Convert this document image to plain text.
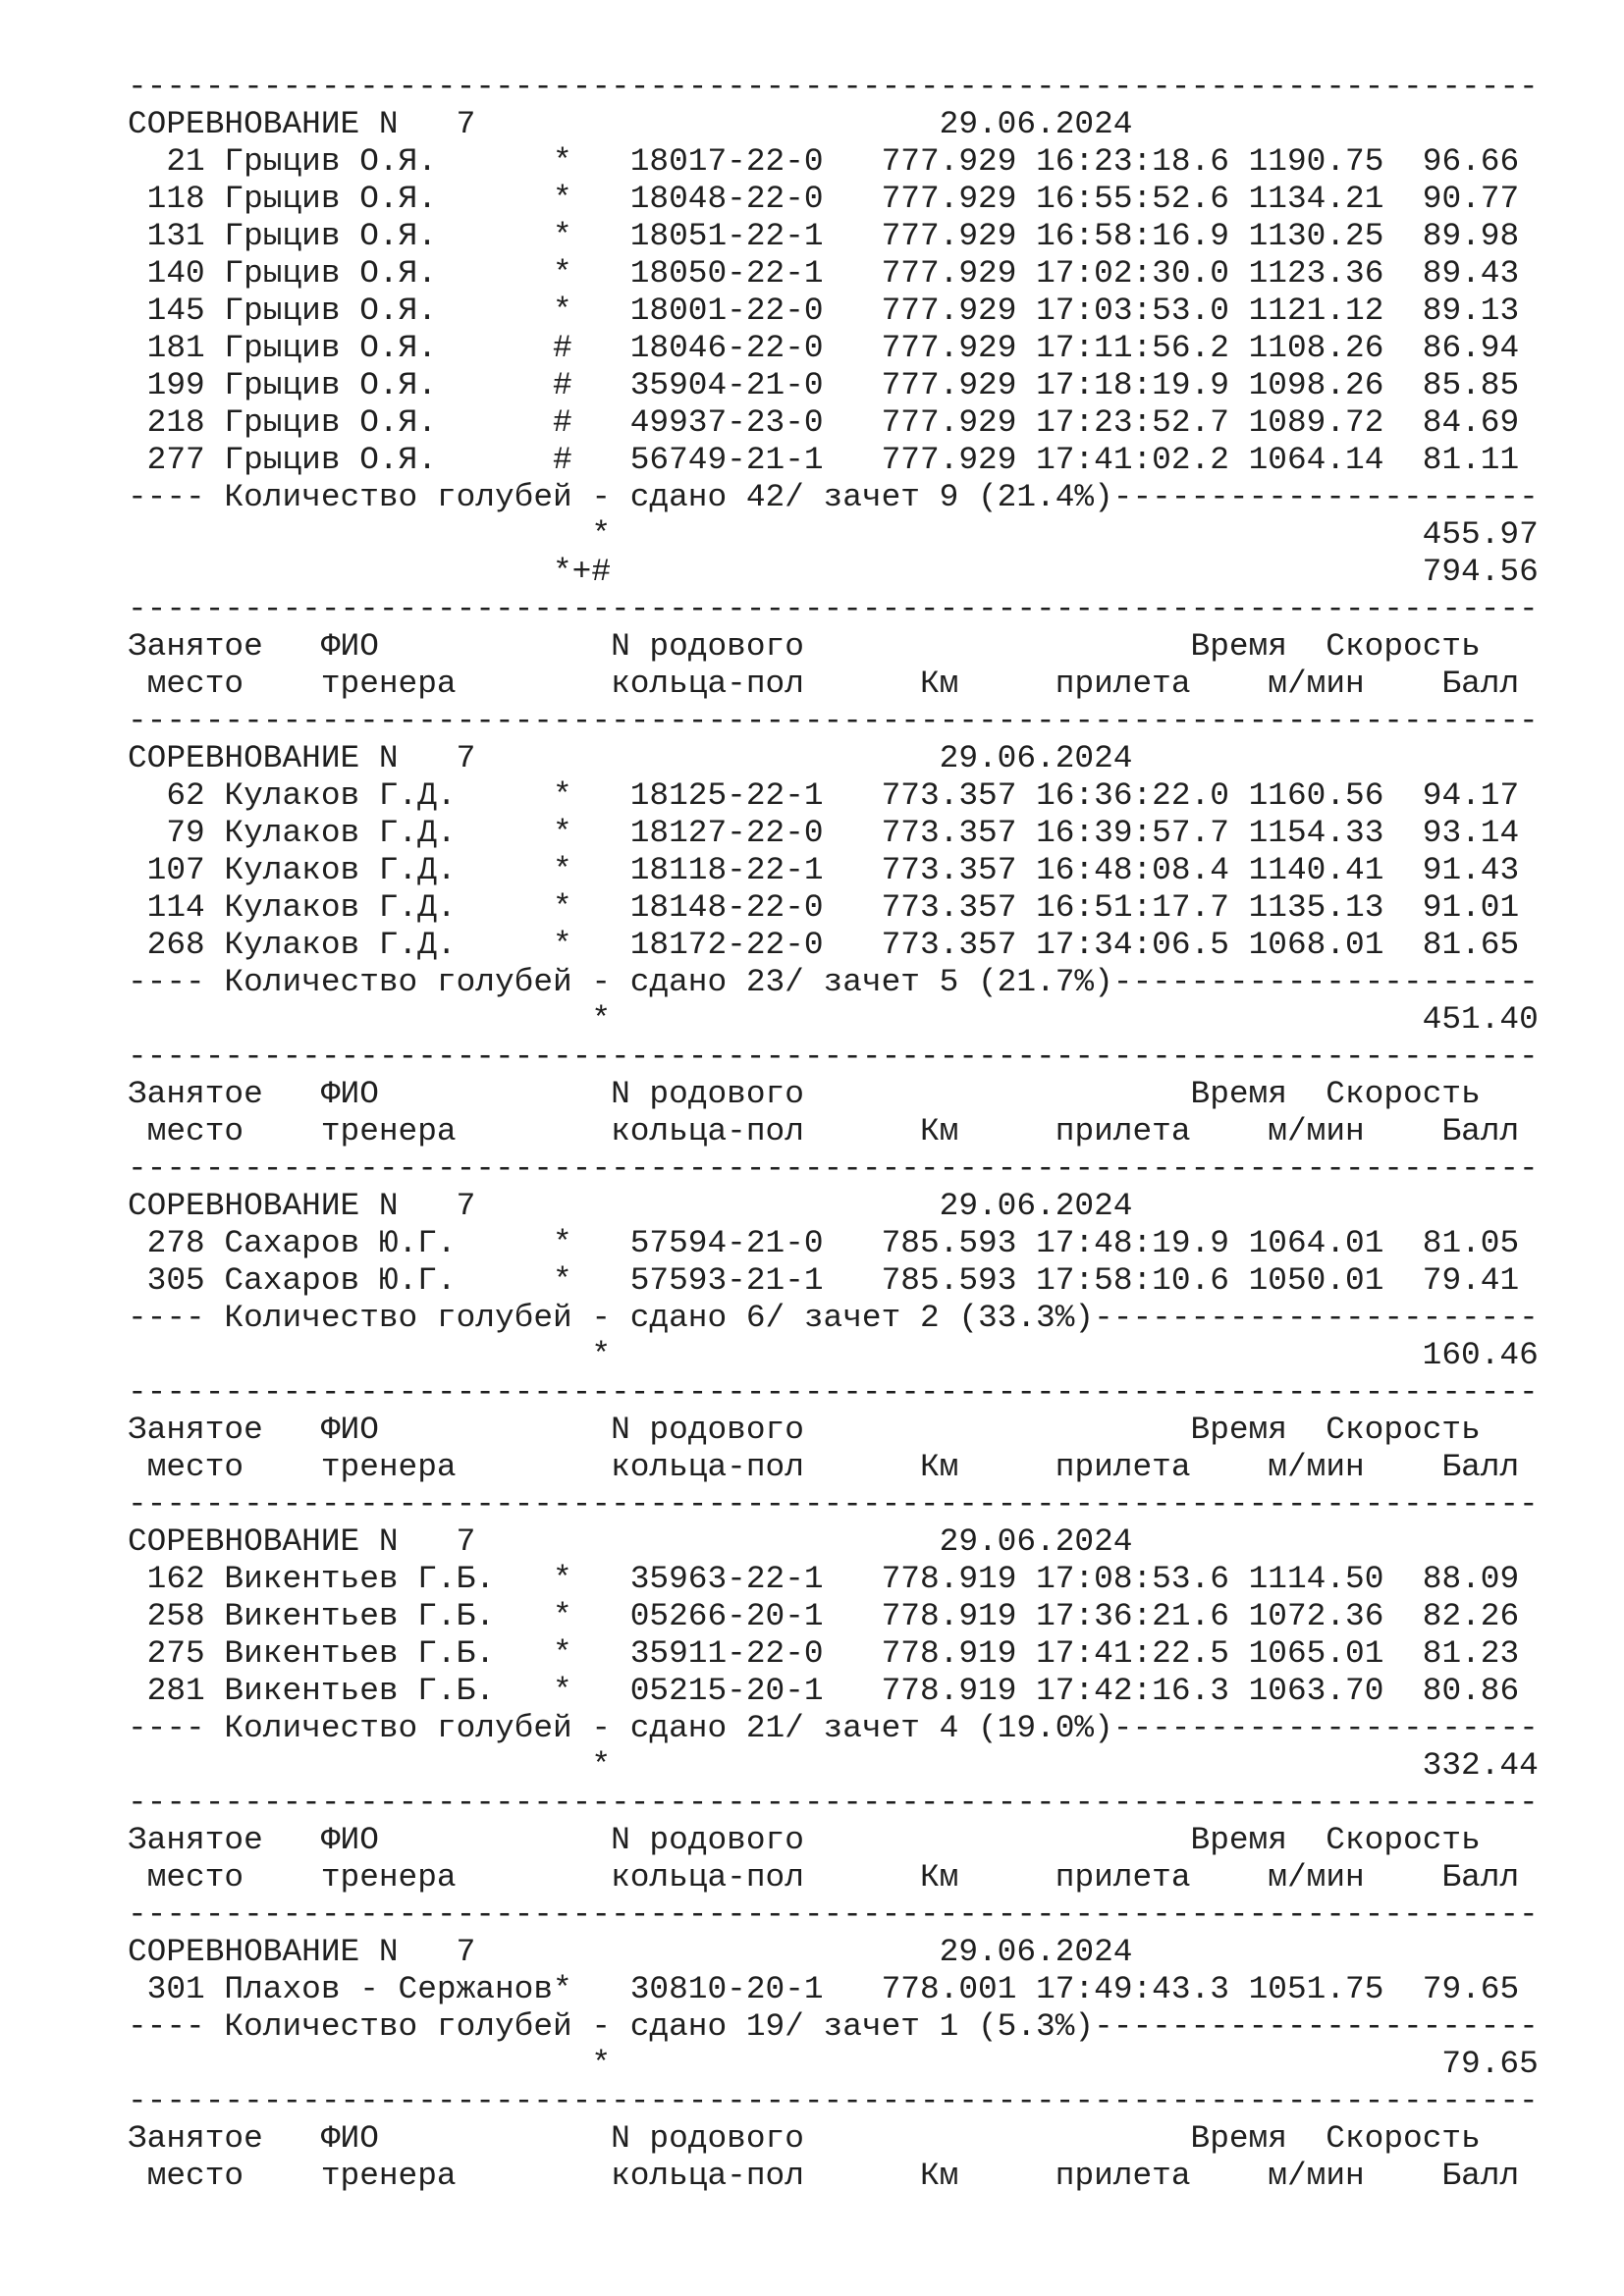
-------------------------------------------------------------------------
СОРЕВНОВАНИЕ N 7	29.06.2024
21 Грыцив О.Я.      * 18017-22-0 777.929 16:23:18.6 1190.75 96.66
118 Грыцив О.Я.      * 18048-22-0 777.929 16:55:52.6 1134.21 90.77
131 Грыцив О.Я.      * 18051-22-1 777.929 16:58:16.9 1130.25 89.98
140 Грыцив О.Я.      * 18050-22-1 777.929 17:02:30.0 1123.36 89.43
145 Грыцив О.Я.      * 18001-22-0 777.929 17:03:53.0 1121.12 89.13
181 Грыцив О.Я.      # 18046-22-0 777.929 17:11:56.2 1108.26 86.94
199 Грыцив О.Я.      # 35904-21-0 777.929 17:18:19.9 1098.26 85.85
218 Грыцив О.Я.      # 49937-23-0 777.929 17:23:52.7 1089.72 84.69
277 Грыцив О.Я.      # 56749-21-1 777.929 17:41:02.2 1064.14 81.11
---- Количество голубей - сдано 42/ зачет 9 (21.4%)----------------------
*	455.97
*+#	794.56
-------------------------------------------------------------------------
Занятое   ФИО            N родового                    Время Скорость
место    тренера        кольца-пол      Км	прилета м/мин Балл
-------------------------------------------------------------------------
СОРЕВНОВАНИЕ N 7	29.06.2024
62 Кулаков Г.Д.     * 18125-22-1 773.357 16:36:22.0 1160.56 94.17
79 Кулаков Г.Д.     * 18127-22-0 773.357 16:39:57.7 1154.33 93.14
107 Кулаков Г.Д.     * 18118-22-1 773.357 16:48:08.4 1140.41 91.43
114 Кулаков Г.Д.     * 18148-22-0 773.357 16:51:17.7 1135.13 91.01
268 Кулаков Г.Д.     * 18172-22-0 773.357 17:34:06.5 1068.01 81.65
---- Количество голубей - сдано 23/ зачет 5 (21.7%)----------------------
*	451.40
-------------------------------------------------------------------------
Занятое   ФИО            N родового                    Время Скорость
место    тренера        кольца-пол      Км	прилета м/мин Балл
-------------------------------------------------------------------------
СОРЕВНОВАНИЕ N 7	29.06.2024
278 Сахаров Ю.Г.     * 57594-21-0 785.593 17:48:19.9 1064.01 81.05
305 Сахаров Ю.Г.     * 57593-21-1 785.593 17:58:10.6 1050.01 79.41
---- Количество голубей - сдано 6/ зачет 2 (33.3%)-----------------------
*	160.46
-------------------------------------------------------------------------
Занятое   ФИО            N родового                    Время Скорость
место    тренера        кольца-пол      Км	прилета м/мин Балл
-------------------------------------------------------------------------
СОРЕВНОВАНИЕ N 7	29.06.2024
162 Викентьев Г.Б.   * 35963-22-1 778.919 17:08:53.6 1114.50 88.09
258 Викентьев Г.Б.   * 05266-20-1 778.919 17:36:21.6 1072.36 82.26
275 Викентьев Г.Б.   * 35911-22-0 778.919 17:41:22.5 1065.01 81.23
281 Викентьев Г.Б.   * 05215-20-1 778.919 17:42:16.3 1063.70 80.86
---- Количество голубей - сдано 21/ зачет 4 (19.0%)----------------------
*	332.44
-------------------------------------------------------------------------
Занятое   ФИО            N родового                    Время Скорость
место    тренера        кольца-пол      Км	прилета м/мин Балл
-------------------------------------------------------------------------
СОРЕВНОВАНИЕ N 7	29.06.2024
301 Плахов - Сержанов* 30810-20-1 778.001 17:49:43.3 1051.75 79.65
---- Количество голубей - сдано 19/ зачет 1 (5.3%)-----------------------
*	79.65
-------------------------------------------------------------------------
Занятое   ФИО            N родового                    Время Скорость
место    тренера        кольца-пол      Км	прилета м/мин Балл
